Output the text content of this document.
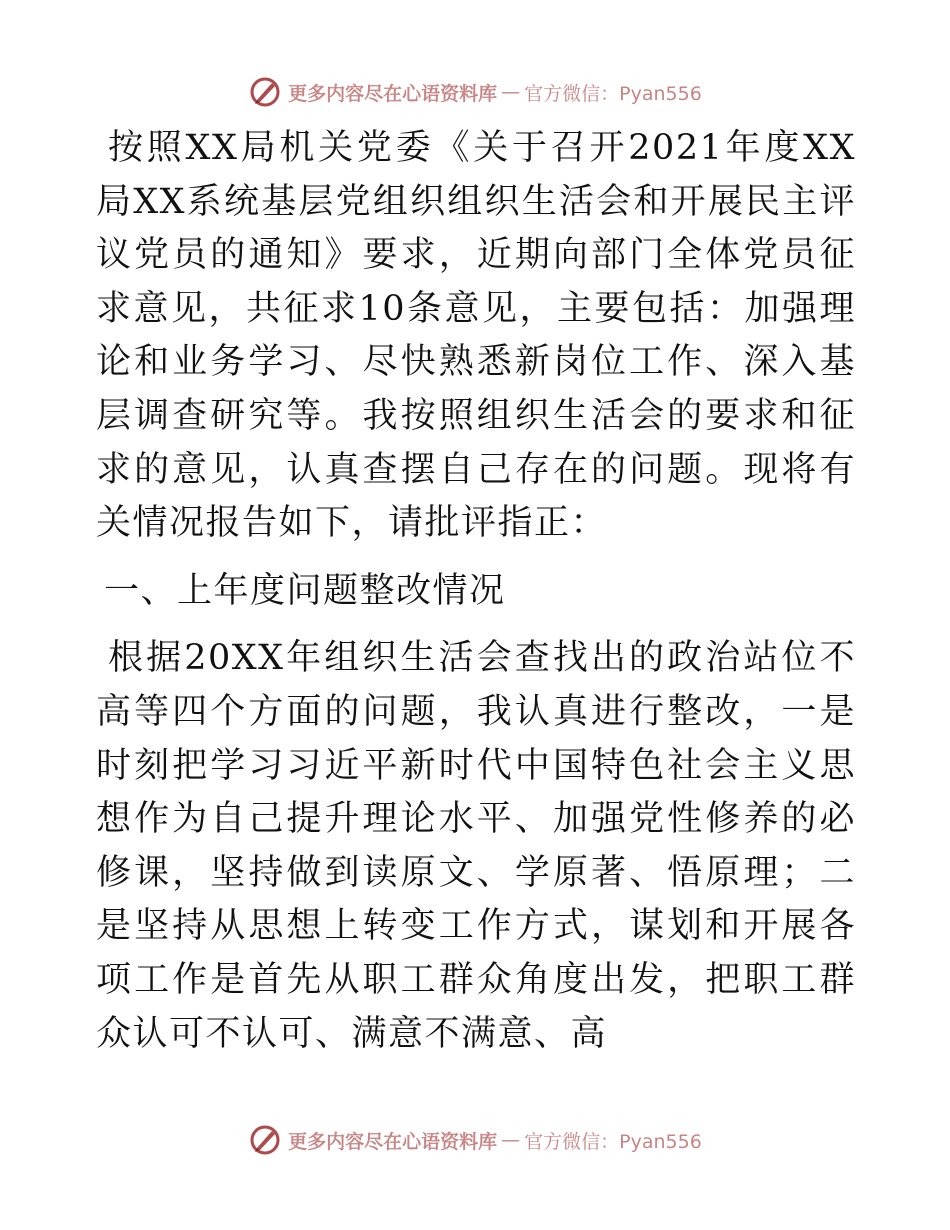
更多内容尽在心语资料库 — 官方微信：Pyan556

按照XX局机关党委《关于召开2021年度XX局XX系统基层党组织组织生活会和开展民主评议党员的通知》要求，近期向部门全体党员征求意见，共征求10条意见，主要包括：加强理论和业务学习、尽快熟悉新岗位工作、深入基层调查研究等。我按照组织生活会的要求和征求的意见，认真查摆自己存在的问题。现将有关情况报告如下，请批评指正：

一、上年度问题整改情况

根据20XX年组织生活会查找出的政治站位不高等四个方面的问题，我认真进行整改，一是时刻把学习习近平新时代中国特色社会主义思想作为自己提升理论水平、加强党性修养的必修课，坚持做到读原文、学原著、悟原理；二是坚持从思想上转变工作方式，谋划和开展各项工作是首先从职工群众角度出发，把职工群众认可不认可、满意不满意、高

更多内容尽在心语资料库 — 官方微信：Pyan556
